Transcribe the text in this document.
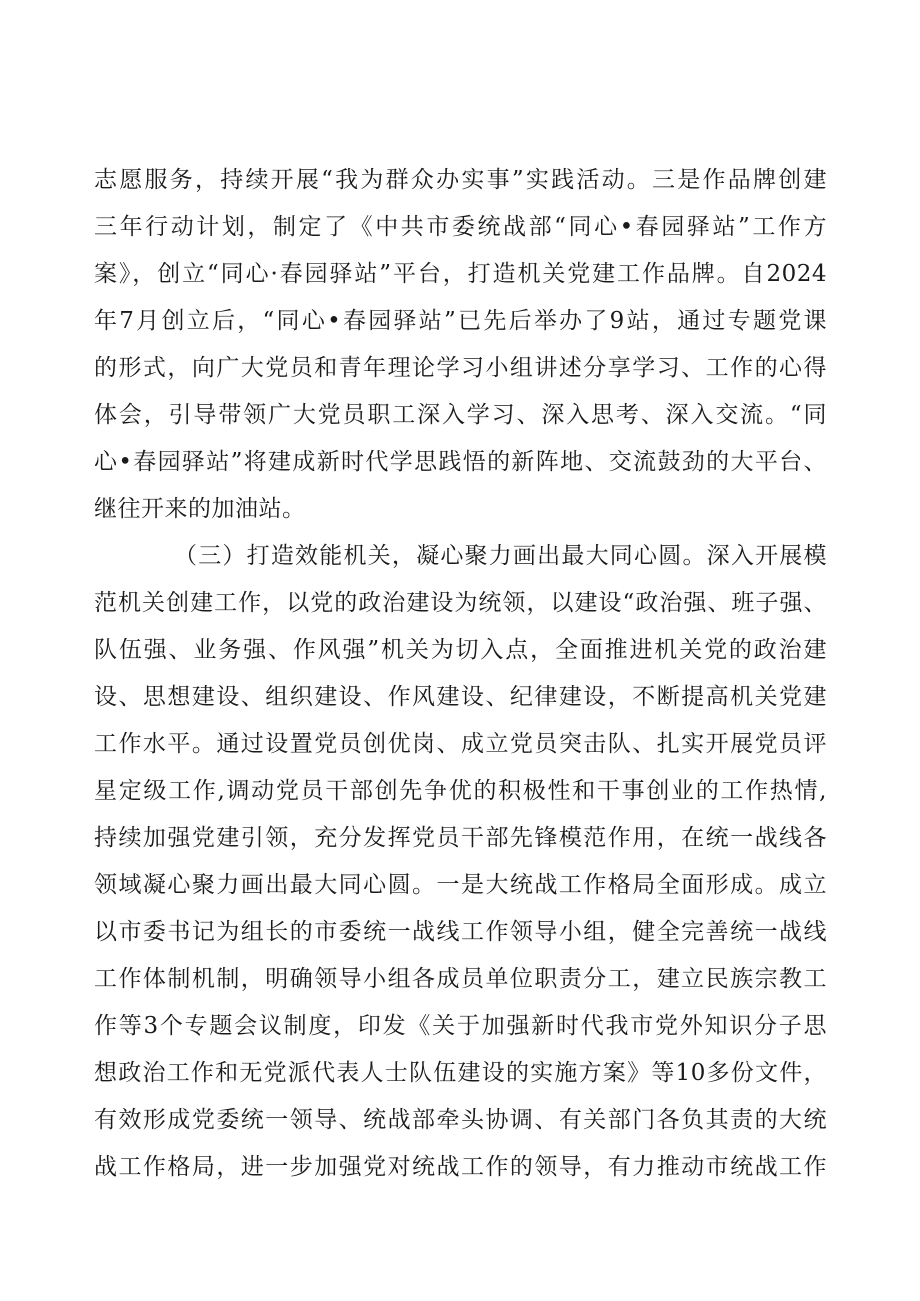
志愿服务，持续开展“我为群众办实事”实践活动。三是作品牌创建
三年行动计划，制定了《中共市委统战部“同心•春园驿站”工作方
案》，创立“同心·春园驿站”平台，打造机关党建工作品牌。自2024
年7月创立后，“同心•春园驿站”已先后举办了9站，通过专题党课
的形式，向广大党员和青年理论学习小组讲述分享学习、工作的心得
体会，引导带领广大党员职工深入学习、深入思考、深入交流。“同
心•春园驿站”将建成新时代学思践悟的新阵地、交流鼓劲的大平台、
继往开来的加油站。
（三）打造效能机关，凝心聚力画出最大同心圆。深入开展模
范机关创建工作，以党的政治建设为统领，以建设“政治强、班子强、
队伍强、业务强、作风强”机关为切入点，全面推进机关党的政治建
设、思想建设、组织建设、作风建设、纪律建设，不断提高机关党建
工作水平。通过设置党员创优岗、成立党员突击队、扎实开展党员评
星定级工作,调动党员干部创先争优的积极性和干事创业的工作热情,
持续加强党建引领，充分发挥党员干部先锋模范作用，在统一战线各
领域凝心聚力画出最大同心圆。一是大统战工作格局全面形成。成立
以市委书记为组长的市委统一战线工作领导小组，健全完善统一战线
工作体制机制，明确领导小组各成员单位职责分工，建立民族宗教工
作等3个专题会议制度，印发《关于加强新时代我市党外知识分子思
想政治工作和无党派代表人士队伍建设的实施方案》等10多份文件，
有效形成党委统一领导、统战部牵头协调、有关部门各负其责的大统
战工作格局，进一步加强党对统战工作的领导，有力推动市统战工作
